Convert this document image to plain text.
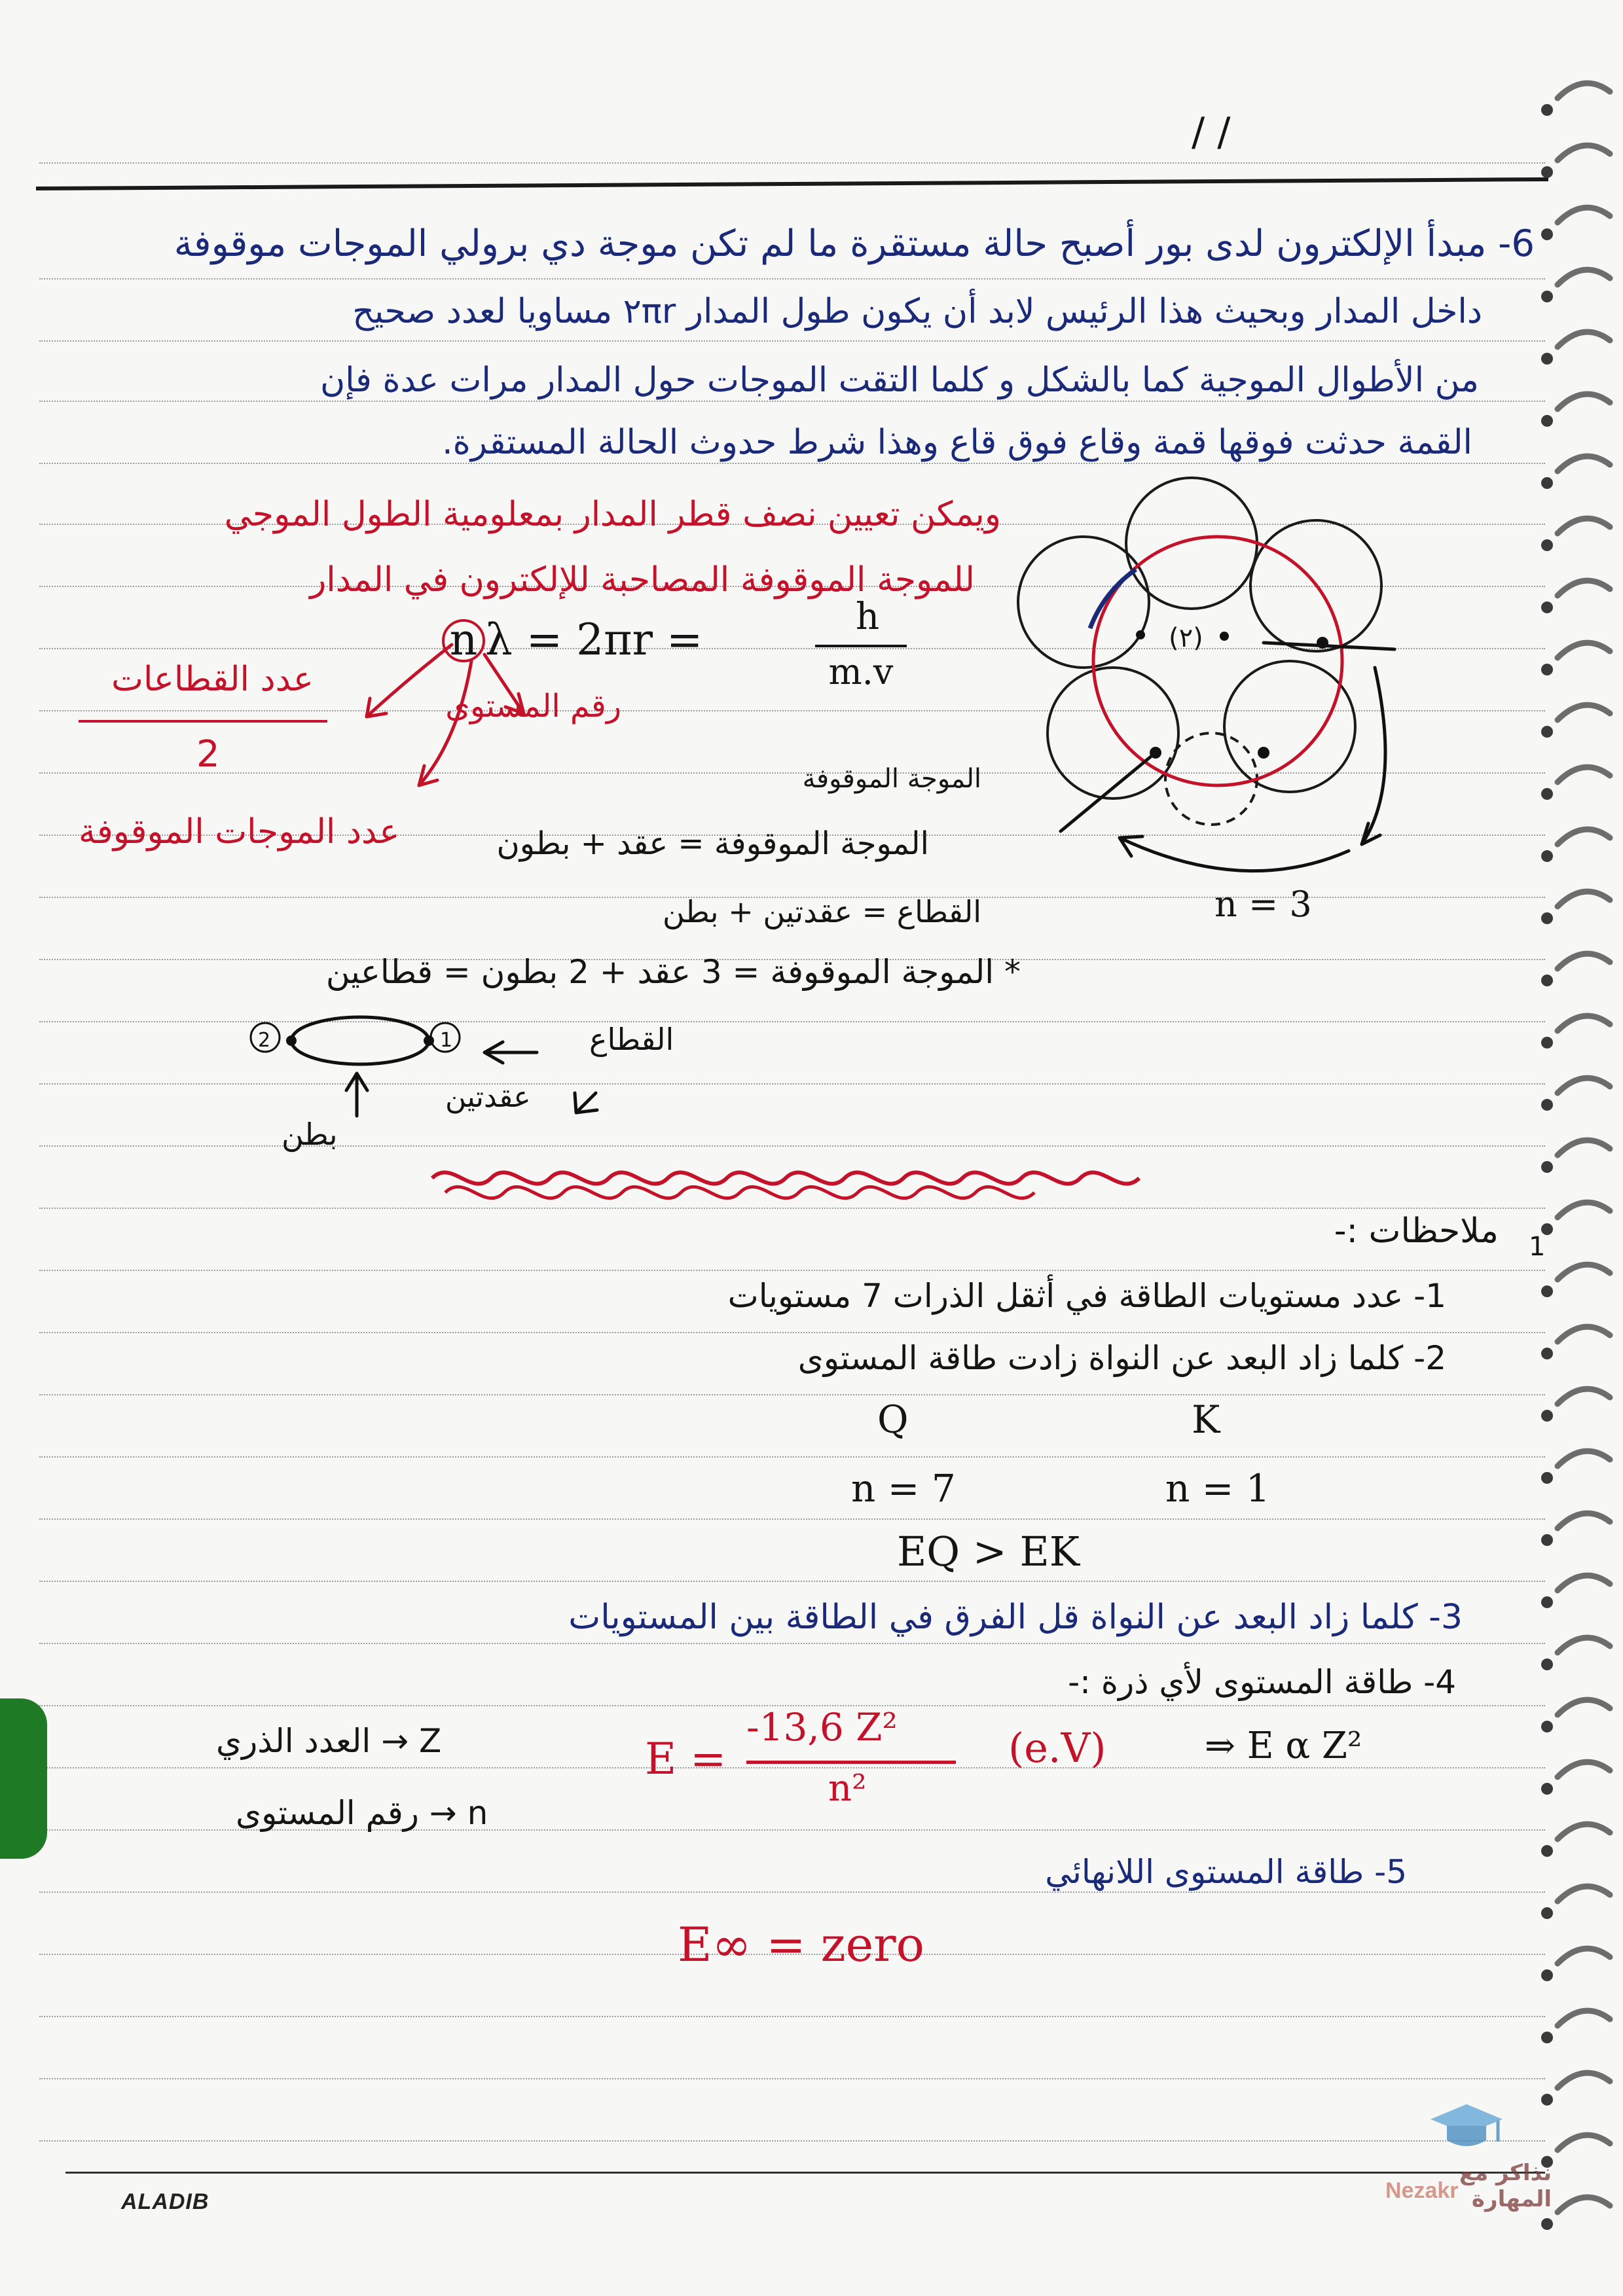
/ /
6- مبدأ الإلكترون لدى بور أصبح حالة مستقرة ما لم تكن موجة دي برولي الموجات موقوفة
داخل المدار وبحيث هذا الرئيس لابد أن يكون طول المدار ٢πr مساويا لعدد صحيح
من الأطوال الموجية كما بالشكل و كلما التقت الموجات حول المدار مرات عدة فإن
القمة حدثت فوقها قمة وقاع فوق قاع وهذا شرط حدوث الحالة المستقرة.
ويمكن تعيين نصف قطر المدار بمعلومية الطول الموجي
للموجة الموقوفة المصاحبة للإلكترون في المدار
n λ = 2πr =	h
m.v
رقم المستوى
عدد القطاعات
2
عدد الموجات الموقوفة
(٢)
الموجة الموقوفة
n = 3
الموجة الموقوفة = عقد + بطون
القطاع = عقدتين + بطن
* الموجة الموقوفة = 3 عقد + 2 بطون = قطاعين
2	1	القطاع
عقدتين
بطن
1
ملاحظات :-
1- عدد مستويات الطاقة في أثقل الذرات 7 مستويات
2- كلما زاد البعد عن النواة زادت طاقة المستوى
Q	K
n = 7	n = 1
EQ > EK
3- كلما زاد البعد عن النواة قل الفرق في الطاقة بين المستويات
4- طاقة المستوى لأي ذرة :-
Z → العدد الذري
n → رقم المستوى
E =
-13,6 Z²
n²
(e.V)	⇒ E α Z²
5- طاقة المستوى اللانهائي
E∞ = zero
ALADIB
نذاكر مع المهارة
Nezakr
